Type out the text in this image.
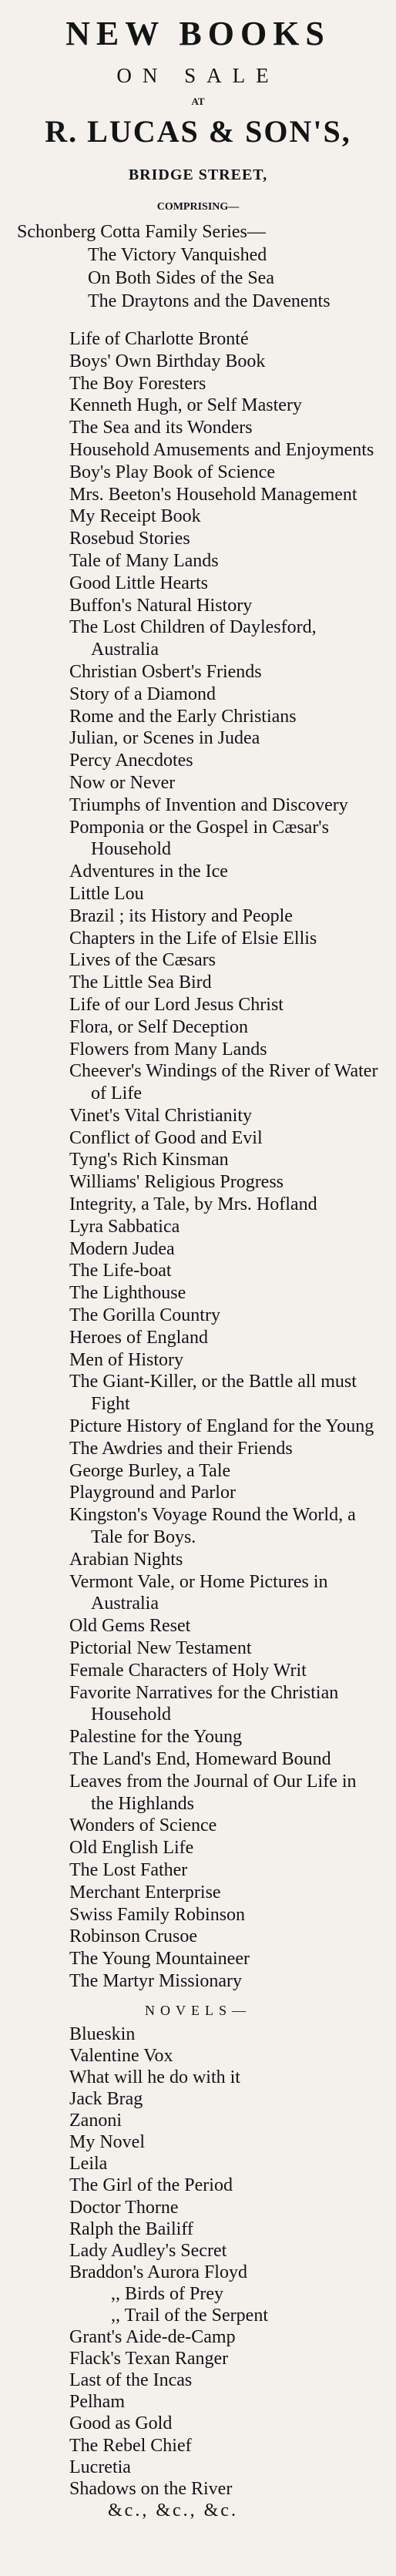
NEW BOOKS
ON SALE
AT
R. LUCAS & SON'S,
BRIDGE STREET,
COMPRISING—
Schonberg Cotta Family Series—
The Victory Vanquished
On Both Sides of the Sea
The Draytons and the Davenents
Life of Charlotte Bronté
Boys' Own Birthday Book
The Boy Foresters
Kenneth Hugh, or Self Mastery
The Sea and its Wonders
Household Amusements and Enjoyments
Boy's Play Book of Science
Mrs. Beeton's Household Management
My Receipt Book
Rosebud Stories
Tale of Many Lands
Good Little Hearts
Buffon's Natural History
The Lost Children of Daylesford, Australia
Christian Osbert's Friends
Story of a Diamond
Rome and the Early Christians
Julian, or Scenes in Judea
Percy Anecdotes
Now or Never
Triumphs of Invention and Discovery
Pomponia or the Gospel in Cæsar's Household
Adventures in the Ice
Little Lou
Brazil ; its History and People
Chapters in the Life of Elsie Ellis
Lives of the Cæsars
The Little Sea Bird
Life of our Lord Jesus Christ
Flora, or Self Deception
Flowers from Many Lands
Cheever's Windings of the River of Water of Life
Vinet's Vital Christianity
Conflict of Good and Evil
Tyng's Rich Kinsman
Williams' Religious Progress
Integrity, a Tale, by Mrs. Hofland
Lyra Sabbatica
Modern Judea
The Life-boat
The Lighthouse
The Gorilla Country
Heroes of England
Men of History
The Giant-Killer, or the Battle all must Fight
Picture History of England for the Young
The Awdries and their Friends
George Burley, a Tale
Playground and Parlor
Kingston's Voyage Round the World, a Tale for Boys.
Arabian Nights
Vermont Vale, or Home Pictures in Australia
Old Gems Reset
Pictorial New Testament
Female Characters of Holy Writ
Favorite Narratives for the Christian Household
Palestine for the Young
The Land's End, Homeward Bound
Leaves from the Journal of Our Life in the Highlands
Wonders of Science
Old English Life
The Lost Father
Merchant Enterprise
Swiss Family Robinson
Robinson Crusoe
The Young Mountaineer
The Martyr Missionary
NOVELS—
Blueskin
Valentine Vox
What will he do with it
Jack Brag
Zanoni
My Novel
Leila
The Girl of the Period
Doctor Thorne
Ralph the Bailiff
Lady Audley's Secret
Braddon's Aurora Floyd
,, Birds of Prey
,, Trail of the Serpent
Grant's Aide-de-Camp
Flack's Texan Ranger
Last of the Incas
Pelham
Good as Gold
The Rebel Chief
Lucretia
Shadows on the River
&c., &c., &c.
